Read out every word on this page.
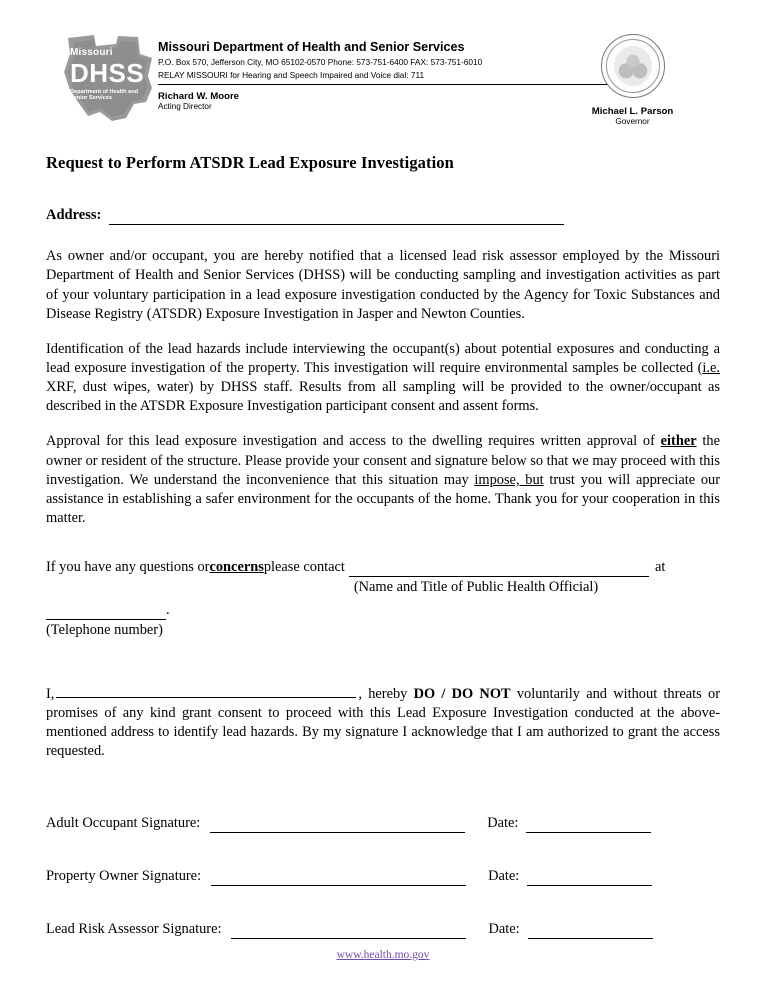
Missouri
DHSS
Department of Health and Senior Services
Missouri Department of Health and Senior Services
P.O. Box 570, Jefferson City, MO 65102-0570 Phone: 573-751-6400 FAX: 573-751-6010
RELAY MISSOURI for Hearing and Speech Impaired and Voice dial: 711
Richard W. Moore
Acting Director	Michael L. Parson
Governor
Request to Perform ATSDR Lead Exposure Investigation
Address:

As owner and/or occupant, you are hereby notified that a licensed lead risk assessor employed by the Missouri Department of Health and Senior Services (DHSS) will be conducting sampling and investigation activities as part of your voluntary participation in a lead exposure investigation conducted by the Agency for Toxic Substances and Disease Registry (ATSDR) Exposure Investigation in Jasper and Newton Counties.

Identification of the lead hazards include interviewing the occupant(s) about potential exposures and conducting a lead exposure investigation of the property. This investigation will require environmental samples be collected (i.e. XRF, dust wipes, water) by DHSS staff. Results from all sampling will be provided to the owner/occupant as described in the ATSDR Exposure Investigation participant consent and assent forms.

Approval for this lead exposure investigation and access to the dwelling requires written approval of either the owner or resident of the structure. Please provide your consent and signature below so that we may proceed with this investigation. We understand the inconvenience that this situation may impose, but trust you will appreciate our assistance in establishing a safer environment for the occupants of the home. Thank you for your cooperation in this matter.

If you have any questions or concerns please contact	at
(Name and Title of Public Health Official)
.
(Telephone number)

I,	, hereby DO / DO NOT voluntarily and without threats or promises of any kind grant consent to proceed with this Lead Exposure Investigation conducted at the above-mentioned address to identify lead hazards. By my signature I acknowledge that I am authorized to grant the access requested.

Adult Occupant Signature:	Date:
Property Owner Signature:	Date:
Lead Risk Assessor Signature:	Date:
www.health.mo.gov
